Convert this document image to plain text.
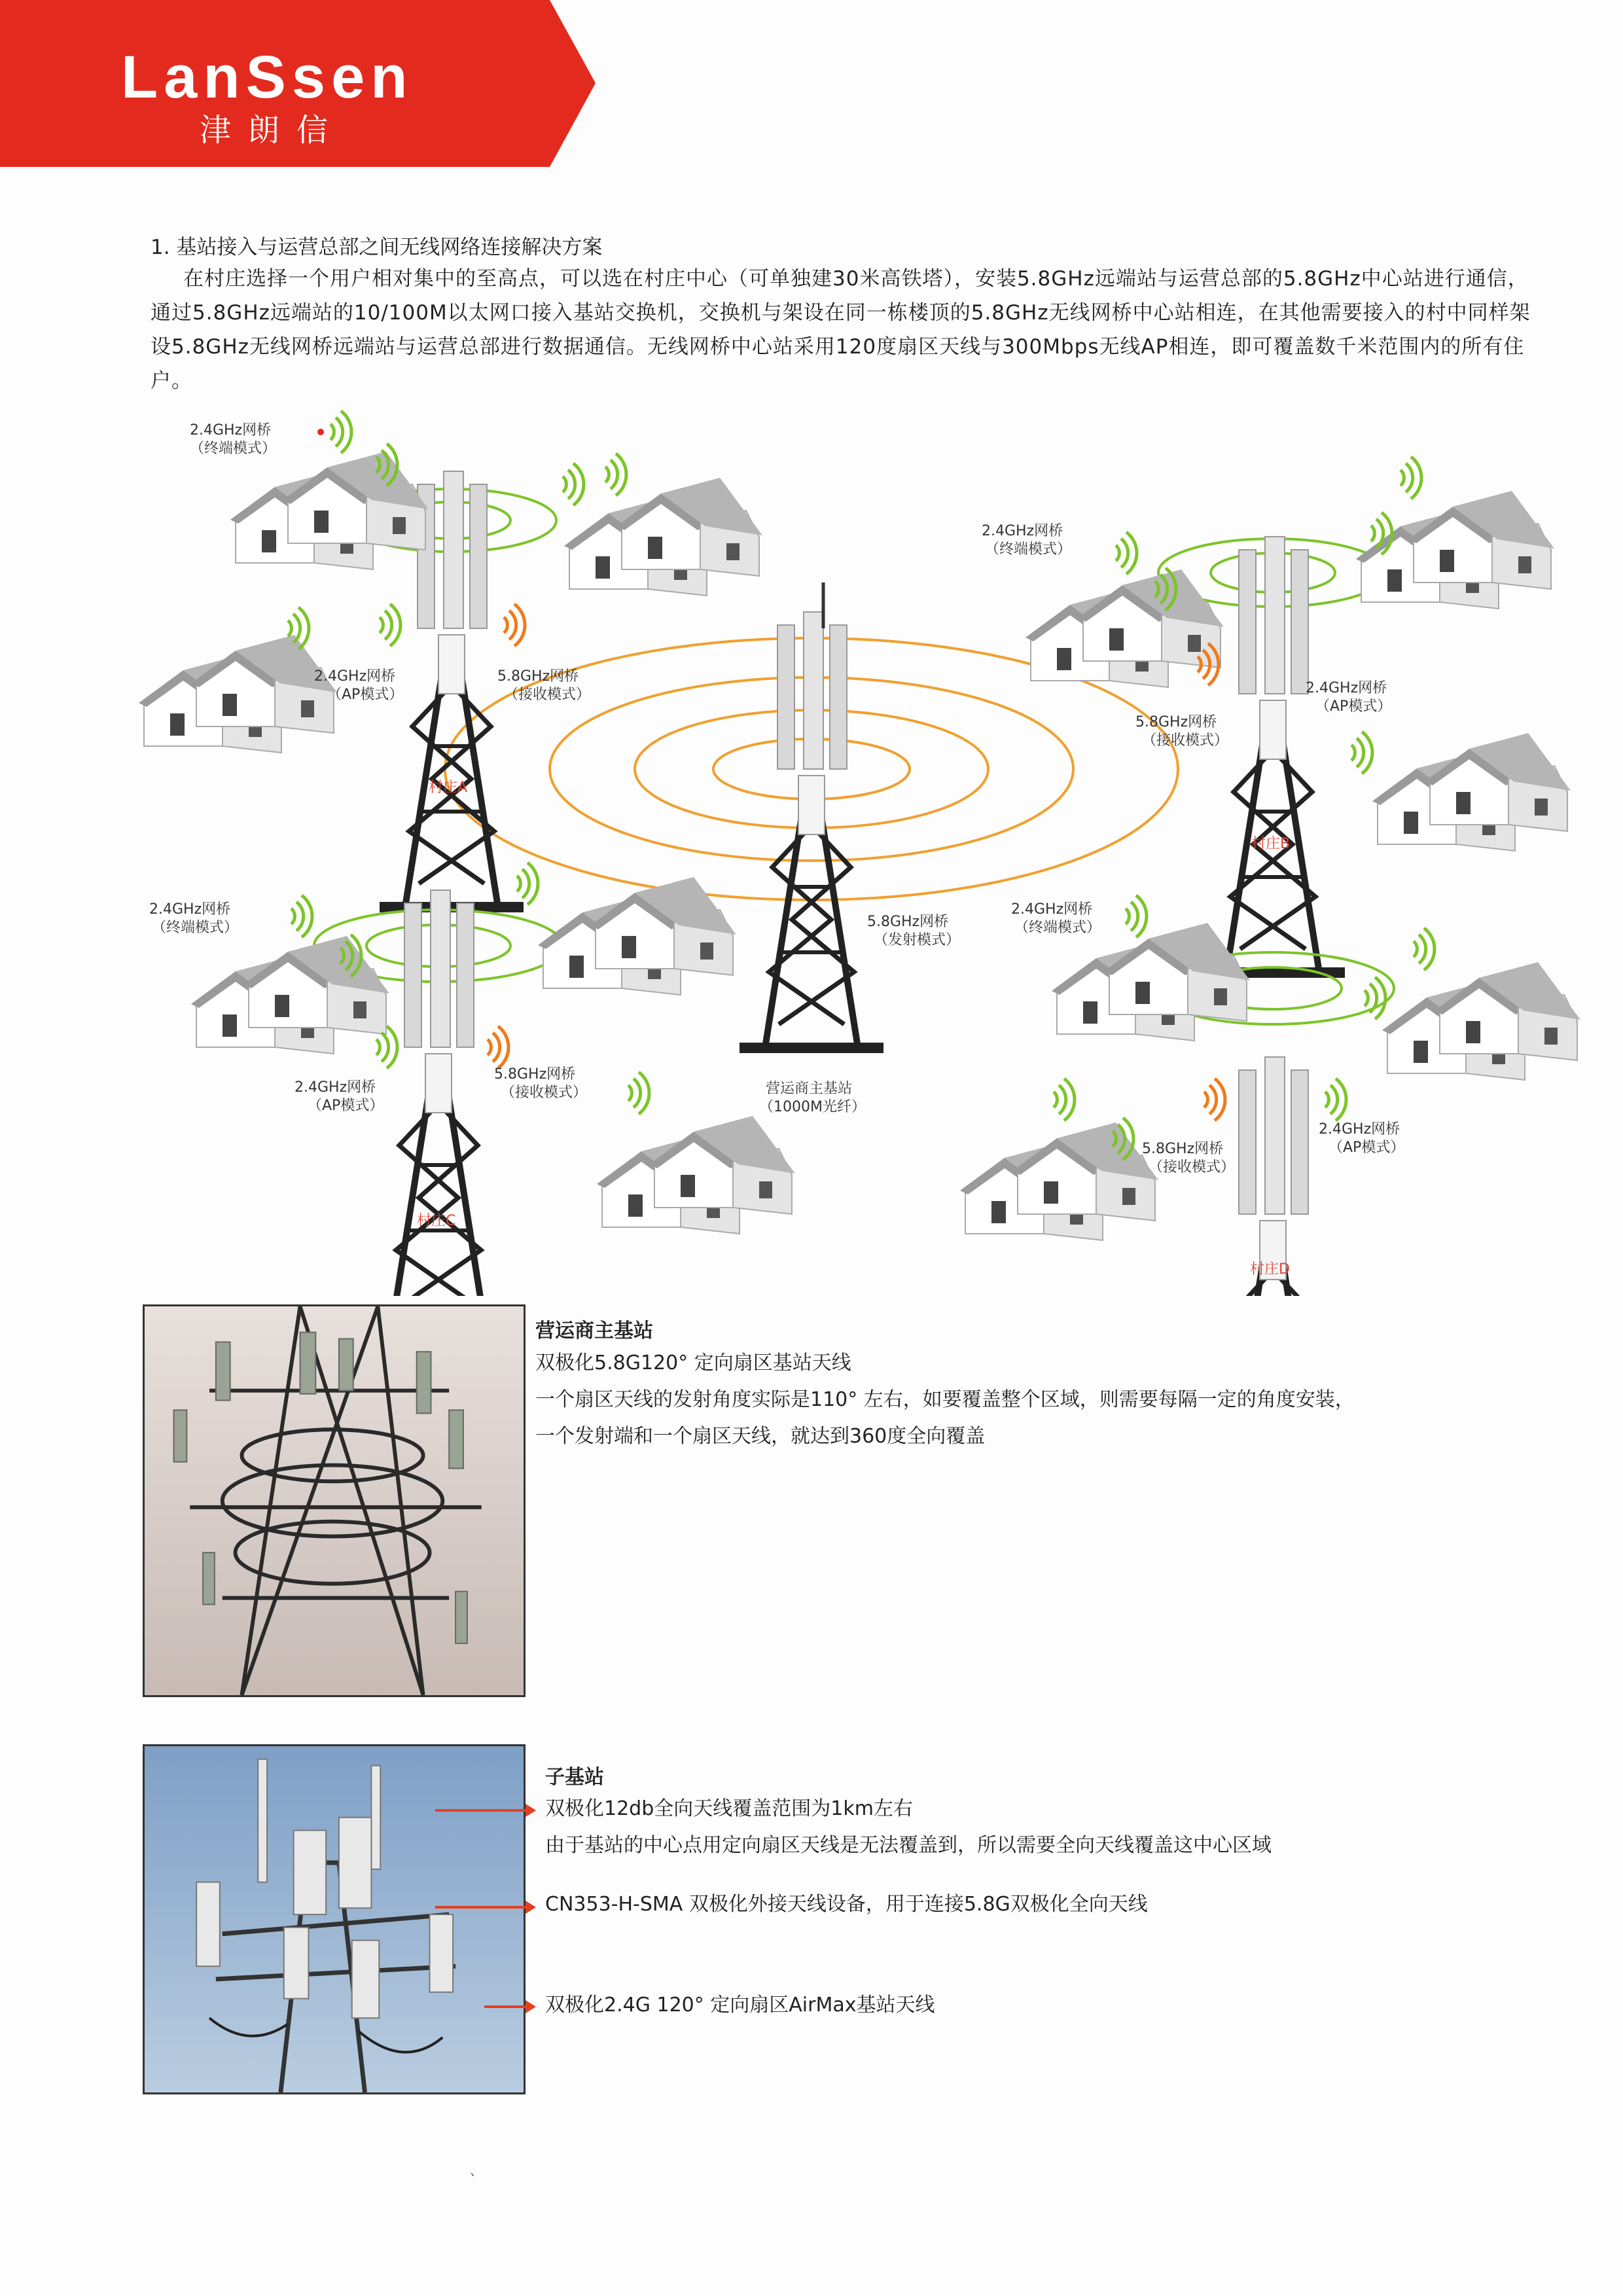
LanSsen
津朗信
1. 基站接入与运营总部之间无线网络连接解决方案
在村庄选择一个用户相对集中的至高点，可以选在村庄中心（可单独建30米高铁塔），安装5.8GHz远端站与运营总部的5.8GHz中心站进行通信，通过5.8GHz远端站的10/100M以太网口接入基站交换机，交换机与架设在同一栋楼顶的5.8GHz无线网桥中心站相连，在其他需要接入的村中同样架设5.8GHz无线网桥远端站与运营总部进行数据通信。无线网桥中心站采用120度扇区天线与300Mbps无线AP相连，即可覆盖数千米范围内的所有住户。
2.4GHz网桥
（终端模式）
2.4GHz网桥
（AP模式）
5.8GHz网桥
（接收模式）
村庄A
2.4GHz网桥
（终端模式）
2.4GHz网桥
（AP模式）
5.8GHz网桥
（接收模式）
村庄B
2.4GHz网桥
（终端模式）
2.4GHz网桥
（AP模式）
5.8GHz网桥
（接收模式）
村庄C
2.4GHz网桥
（终端模式）
2.4GHz网桥
（AP模式）
5.8GHz网桥
（接收模式）
村庄D
5.8GHz网桥
（发射模式）
营运商主基站
（1000M光纤）
营运商主基站
双极化5.8G120° 定向扇区基站天线
一个扇区天线的发射角度实际是110° 左右，如要覆盖整个区域，则需要每隔一定的角度安装，
一个发射端和一个扇区天线，就达到360度全向覆盖
子基站
双极化12db全向天线覆盖范围为1km左右
由于基站的中心点用定向扇区天线是无法覆盖到，所以需要全向天线覆盖这中心区域
CN353-H-SMA 双极化外接天线设备，用于连接5.8G双极化全向天线
双极化2.4G 120° 定向扇区AirMax基站天线
、
